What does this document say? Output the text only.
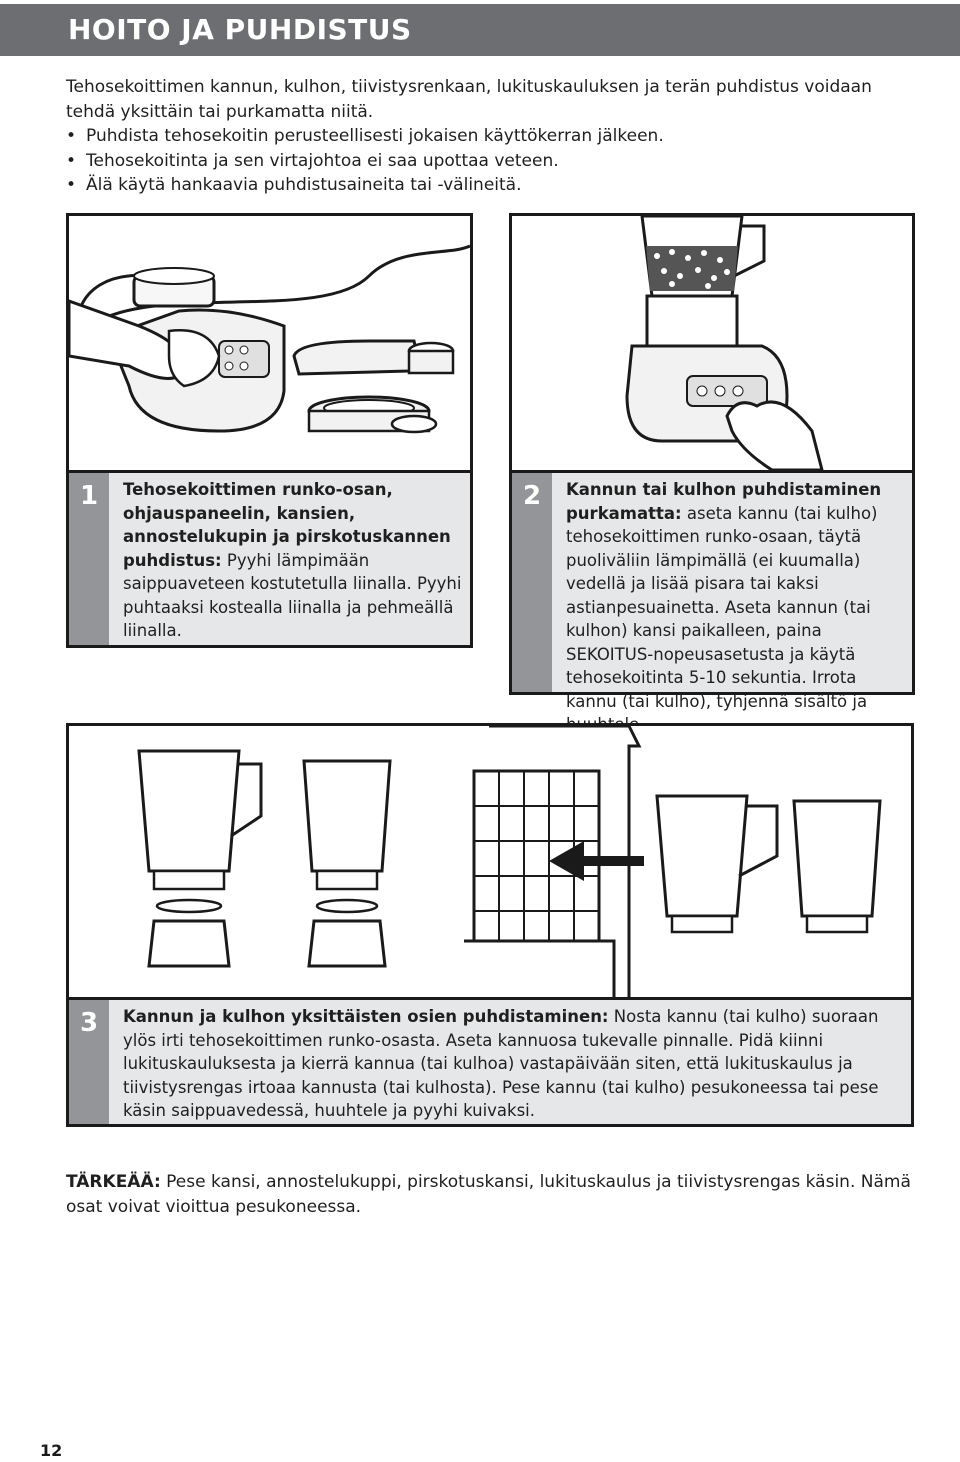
HOITO JA PUHDISTUS

Tehosekoittimen kannun, kulhon, tiivistysrenkaan, lukituskauluksen ja terän puhdistus voidaan tehdä yksittäin tai purkamatta niitä.

• Puhdista tehosekoitin perusteellisesti jokaisen käyttökerran jälkeen.
• Tehosekoitinta ja sen virtajohtoa ei saa upottaa veteen.
• Älä käytä hankaavia puhdistusaineita tai -välineitä.
1	Tehosekoittimen runko-osan, ohjauspaneelin, kansien, annostelukupin ja pirskotuskannen puhdistus: Pyyhi lämpimään saippuaveteen kostutetulla liinalla. Pyyhi puhtaaksi kostealla liinalla ja pehmeällä liinalla.
2	Kannun tai kulhon puhdistaminen purkamatta: aseta kannu (tai kulho) tehosekoittimen runko-osaan, täytä puoliväliin lämpimällä (ei kuumalla) vedellä ja lisää pisara tai kaksi astianpesuainetta. Aseta kannun (tai kulhon) kansi paikalleen, paina SEKOITUS-nopeusasetusta ja käytä tehosekoitinta 5-10 sekuntia. Irrota kannu (tai kulho), tyhjennä sisältö ja
3	Kannun ja kulhon yksittäisten osien puhdistaminen: Nosta kannu (tai kulho) suoraan ylös irti tehosekoittimen runko-osasta. Aseta kannuosa tukevalle pinnalle. Pidä kiinni lukituskauluksesta ja kierrä kannua (tai kulhoa) vastapäivään siten, että lukituskaulus ja tiivistysrengas irtoaa kannusta (tai kulhosta). Pese kannu (tai kulho) pesukoneessa tai pese käsin saippuavedessä, huuhtele ja pyyhi kuivaksi.
TÄRKEÄÄ: Pese kansi, annostelukuppi, pirskotuskansi, lukituskaulus ja tiivistysrengas käsin. Nämä osat voivat vioittua pesukoneessa.
12
